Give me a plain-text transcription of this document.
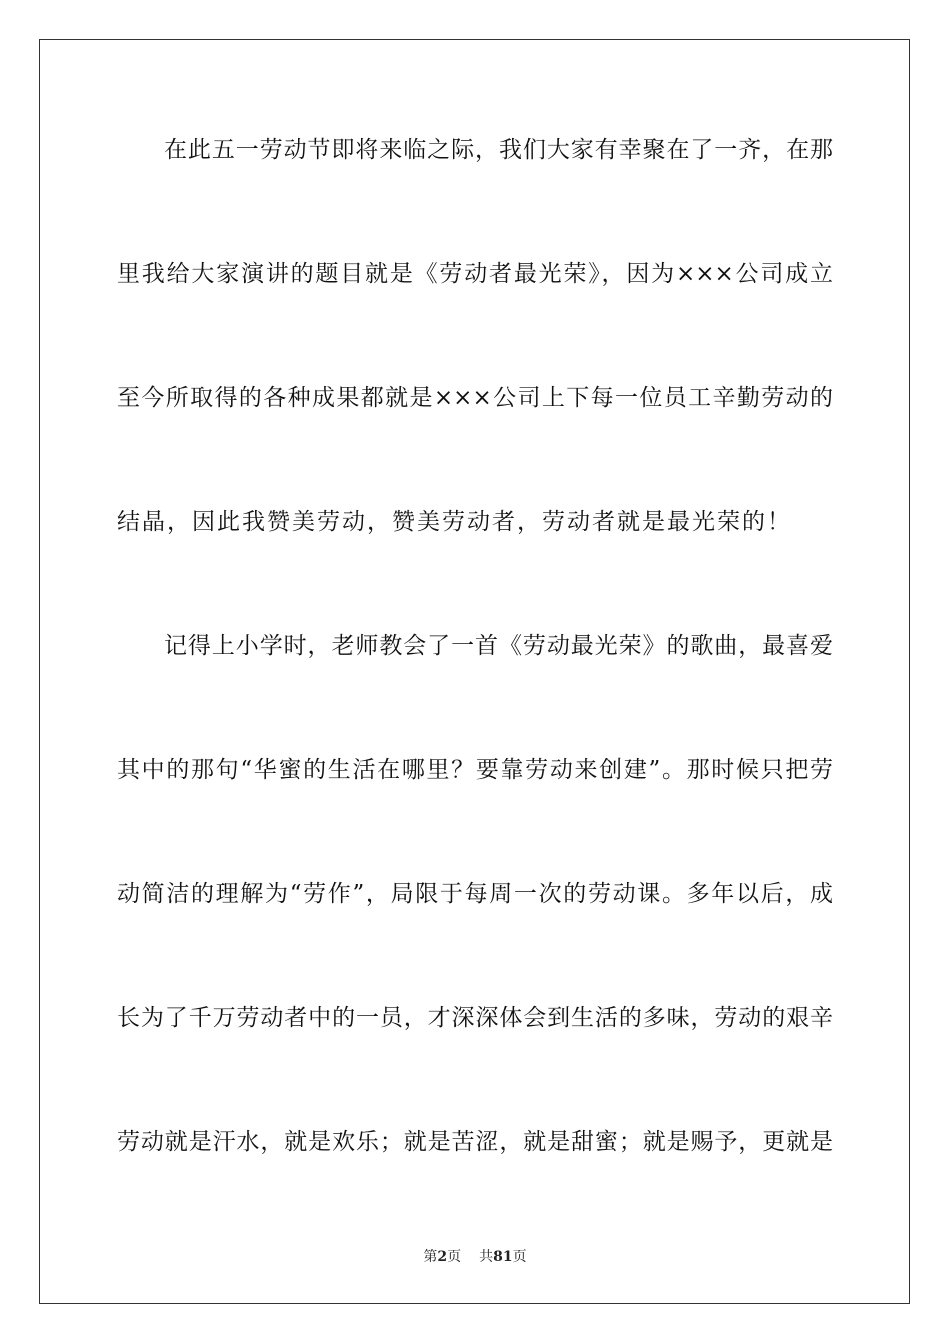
在此五一劳动节即将来临之际，我们大家有幸聚在了一齐，在那
里我给大家演讲的题目就是《劳动者最光荣》，因为×××公司成立
至今所取得的各种成果都就是×××公司上下每一位员工辛勤劳动的
结晶，因此我赞美劳动，赞美劳动者，劳动者就是最光荣的！
记得上小学时，老师教会了一首《劳动最光荣》的歌曲，最喜爱
其中的那句“华蜜的生活在哪里？要靠劳动来创建”。那时候只把劳
动简洁的理解为“劳作”，局限于每周一次的劳动课。多年以后，成
长为了千万劳动者中的一员，才深深体会到生活的多味，劳动的艰辛
劳动就是汗水，就是欢乐；就是苦涩，就是甜蜜；就是赐予，更就是
第2页 共81页
